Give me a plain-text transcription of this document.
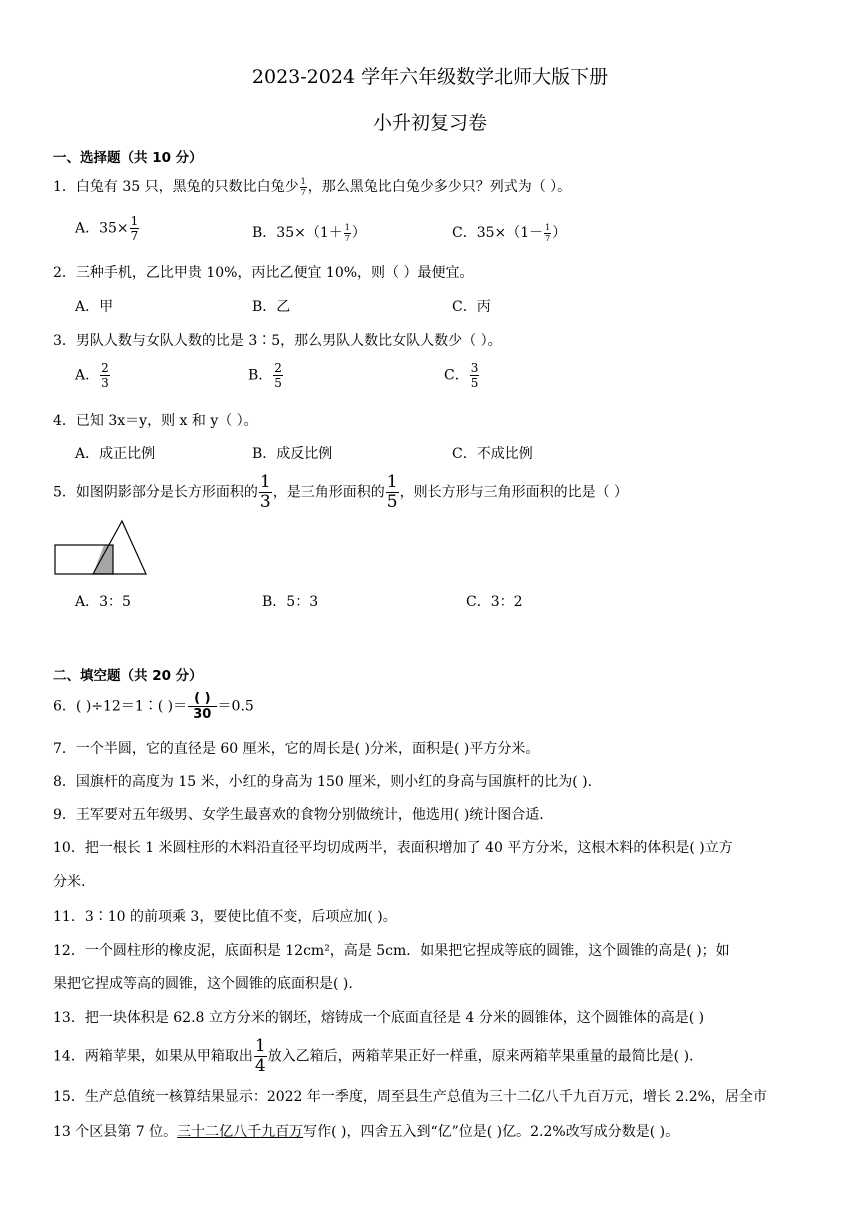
2023-2024 学年六年级数学北师大版下册
小升初复习卷
一、选择题（共 10 分）
1．白兔有 35 只，黑兔的只数比白兔少 $\frac{1}{7}$ ，那么黑兔比白兔少多少只？列式为（ ）。
A．$35\times \frac{1}{7}$	B．$35\times(1+ \frac{1}{7}$ ）	C．$35\times(1- \frac{1}{7}$ ）
2．三种手机，乙比甲贵 10%，丙比乙便宜 10%，则（ ）最便宜。
A．甲	B．乙	C．丙
3．男队人数与女队人数的比是 3∶5，那么男队人数比女队人数少（ ）。
A． $\frac{2}{3}$	B． $\frac{2}{5}$	C． $\frac{3}{5}$
4．已知 3x＝y，则 x 和 y（ ）。
A．成正比例	B．成反比例	C．不成比例
5．如图阴影部分是长方形面积的 $\frac{1}{3}$ ，是三角形面积的 $\frac{1}{5}$ ，则长方形与三角形面积的比是（ ）
A．3：5	B．5：3	C．3：2
二、填空题（共 20 分）
6．( )÷12＝1∶( )＝ $\frac{( )}{30} =0.5$
7．一个半圆，它的直径是 60 厘米，它的周长是( )分米，面积是( )平方分米。
8．国旗杆的高度为 15 米，小红的身高为 150 厘米，则小红的身高与国旗杆的比为( ).
9．王军要对五年级男、女学生最喜欢的食物分别做统计，他选用( )统计图合适.
10．把一根长 1 米圆柱形的木料沿直径平均切成两半，表面积增加了 40 平方分米，这根木料的体积是( )立方
分米.
11．3∶10 的前项乘 3，要使比值不变，后项应加( )。
12．一个圆柱形的橡皮泥，底面积是 12cm²，高是 5cm．如果把它捏成等底的圆锥，这个圆锥的高是( )；如
果把它捏成等高的圆锥，这个圆锥的底面积是( ).
13．把一块体积是 62.8 立方分米的钢坯，熔铸成一个底面直径是 4 分米的圆锥体，这个圆锥体的高是( )
14．两箱苹果，如果从甲箱取出 $\frac{1}{4}$ 放入乙箱后，两箱苹果正好一样重，原来两箱苹果重量的最简比是( ).
15．生产总值统一核算结果显示：2022 年一季度，周至县生产总值为三十二亿八千九百万元，增长 2.2%，居全市
13 个区县第 7 位。三十二亿八千九百万写作( )，四舍五入到“亿”位是( )亿。2.2%改写成分数是( )。
